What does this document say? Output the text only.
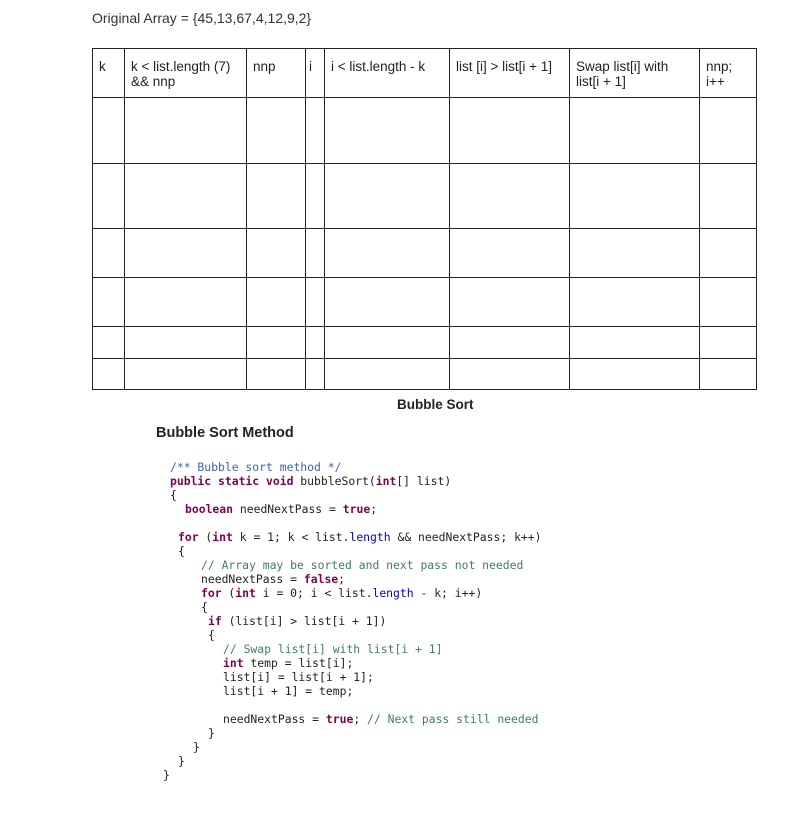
Original Array = {45,13,67,4,12,9,2}
k	k < list.length (7) && nnp	nnp	i	i < list.length - k	list [i] > list[i + 1]	Swap list[i] with list[i + 1]	nnp; i++

Bubble Sort
Bubble Sort Method
/** Bubble sort method */
public static void bubbleSort(int[] list)
{
boolean needNextPass = true;
for (int k = 1; k < list.length && needNextPass; k++)
{
// Array may be sorted and next pass not needed
needNextPass = false;
for (int i = 0; i < list.length - k; i++)
{
if (list[i] > list[i + 1])
{
// Swap list[i] with list[i + 1]
int temp = list[i];
list[i] = list[i + 1];
list[i + 1] = temp;
needNextPass = true; // Next pass still needed
}
}
}
}
